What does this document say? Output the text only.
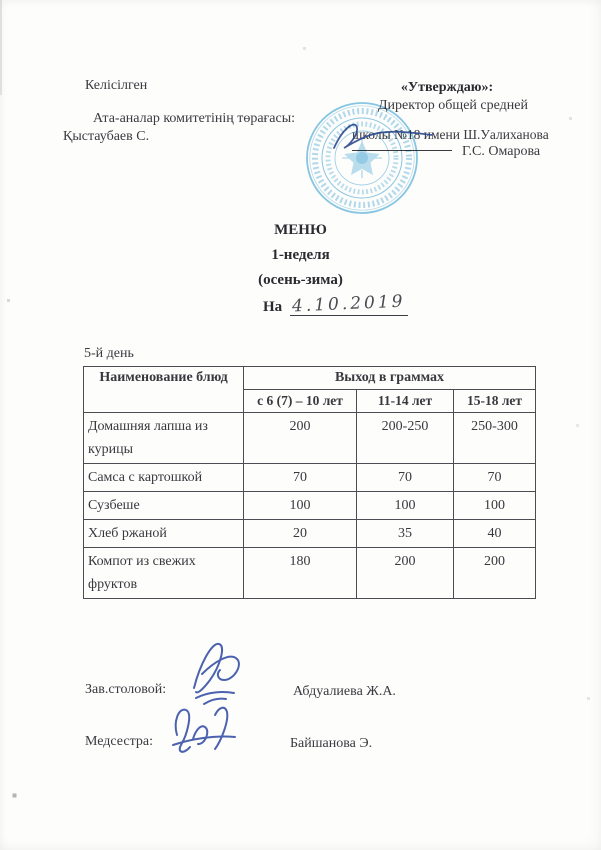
Келісілген
Ата-аналар комитетінің төрағасы:
Қыстаубаев С.
«Утверждаю»:
Директор общей средней
школы №18 имени Ш.Уалиханова
Г.С. Омарова
МЕНЮ
1-неделя
(осень-зима)
На 4.10.2019
5-й день
Наименование блюд	Выход в граммах		
	с 6 (7) – 10 лет	11-14 лет	15-18 лет
Домашняя лапша из курицы	200	200-250	250-300
Самса с картошкой	70	70	70
Сузбеше	100	100	100
Хлеб ржаной	20	35	40
Компот из свежих фруктов	180	200	200
Зав.столовой:	Абдуалиева Ж.А.
Медсестра:	Байшанова Э.
